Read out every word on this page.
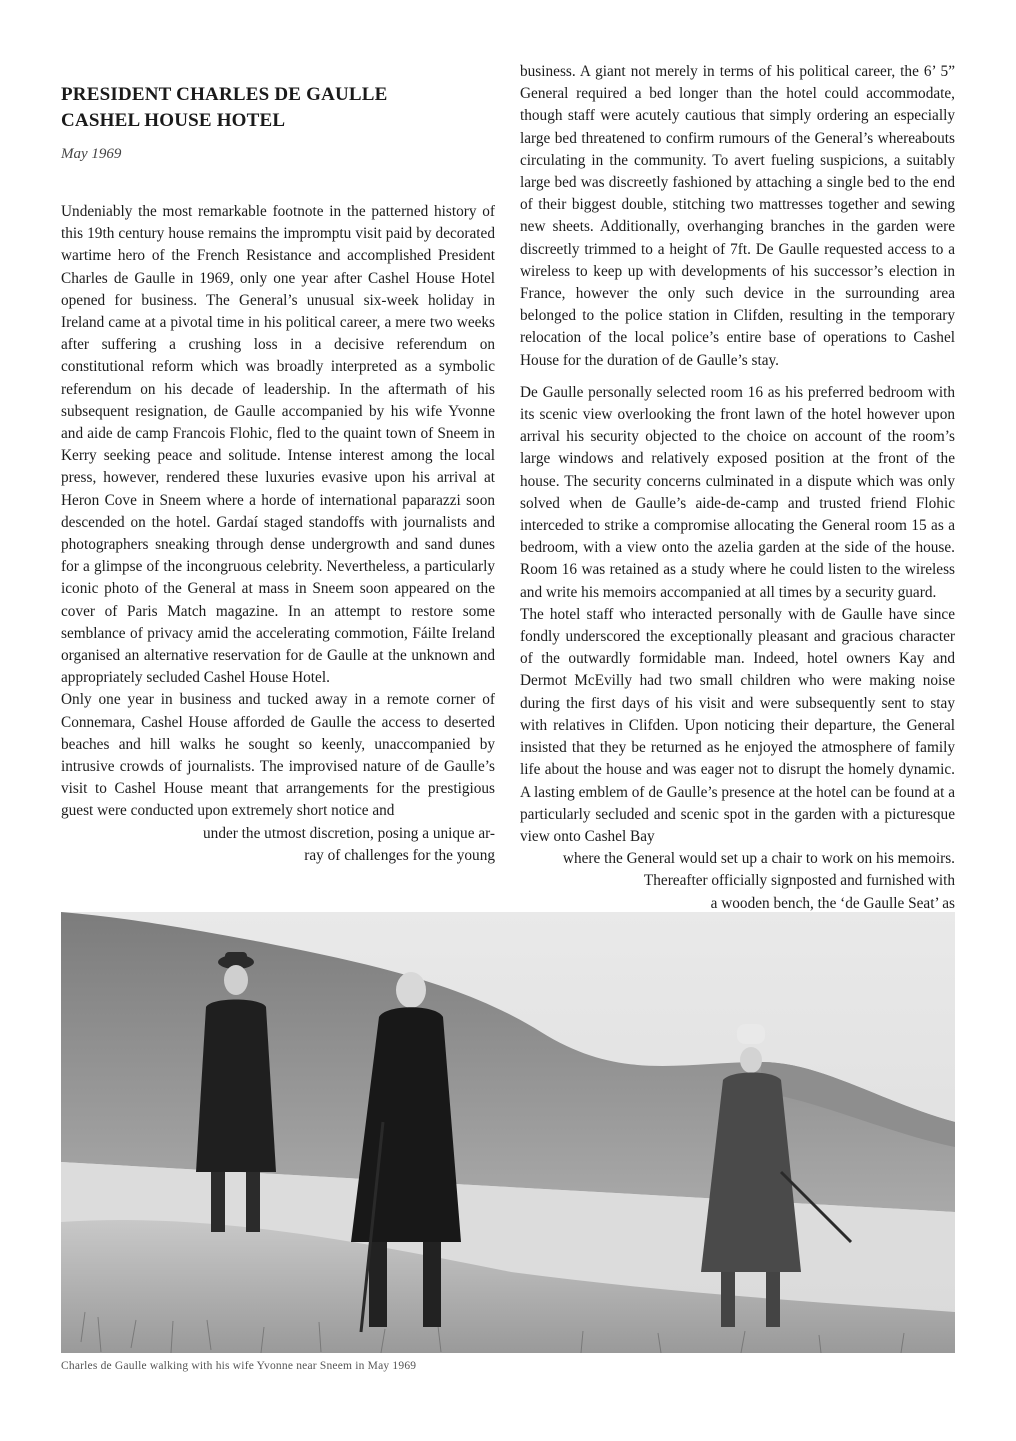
PRESIDENT CHARLES DE GAULLE
CASHEL HOUSE HOTEL
May 1969

Undeniably the most remarkable footnote in the patterned history of this 19th century house remains the impromptu visit paid by decorated wartime hero of the French Resistance and accomplished President Charles de Gaulle in 1969, only one year after Cashel House Hotel opened for business. The General’s unusual six-week holiday in Ireland came at a pivotal time in his political career, a mere two weeks after suffering a crushing loss in a decisive referendum on constitutional reform which was broadly interpreted as a symbolic referendum on his decade of leadership. In the aftermath of his subsequent resignation, de Gaulle accompanied by his wife Yvonne and aide de camp Francois Flohic, fled to the quaint town of Sneem in Kerry seeking peace and solitude. Intense interest among the local press, however, rendered these luxuries evasive upon his arrival at Heron Cove in Sneem where a horde of international paparazzi soon descended on the hotel. Gardaí staged standoffs with journalists and photographers sneaking through dense undergrowth and sand dunes for a glimpse of the incongruous celebrity. Nevertheless, a particularly iconic photo of the General at mass in Sneem soon appeared on the cover of Paris Match magazine. In an attempt to restore some semblance of privacy amid the accelerating commotion, Fáilte Ireland organised an alternative reservation for de Gaulle at the unknown and appropriately secluded Cashel House Hotel.

Only one year in business and tucked away in a remote corner of Connemara, Cashel House afforded de Gaulle the access to deserted beaches and hill walks he sought so keenly, unaccompanied by intrusive crowds of journalists. The improvised nature of de Gaulle’s visit to Cashel House meant that arrangements for the prestigious guest were conducted upon extremely short notice and

under the utmost discretion, posing a unique ar-

ray of challenges for the young

business. A giant not merely in terms of his political career, the 6’ 5” General required a bed longer than the hotel could accommodate, though staff were acutely cautious that simply ordering an especially large bed threatened to confirm rumours of the General’s whereabouts circulating in the community. To avert fueling suspicions, a suitably large bed was discreetly fashioned by attaching a single bed to the end of their biggest double, stitching two mattresses together and sewing new sheets. Additionally, overhanging branches in the garden were discreetly trimmed to a height of 7ft. De Gaulle requested access to a wireless to keep up with developments of his successor’s election in France, however the only such device in the surrounding area belonged to the police station in Clifden, resulting in the temporary relocation of the local police’s entire base of operations to Cashel House for the duration of de Gaulle’s stay.

De Gaulle personally selected room 16 as his preferred bedroom with its scenic view overlooking the front lawn of the hotel however upon arrival his security objected to the choice on account of the room’s large windows and relatively exposed position at the front of the house. The security concerns culminated in a dispute which was only solved when de Gaulle’s aide-de-camp and trusted friend Flohic interceded to strike a compromise allocating the General room 15 as a bedroom, with a view onto the azelia garden at the side of the house. Room 16 was retained as a study where he could listen to the wireless and write his memoirs accompanied at all times by a security guard.

The hotel staff who interacted personally with de Gaulle have since fondly underscored the exceptionally pleasant and gracious character of the outwardly formidable man. Indeed, hotel owners Kay and Dermot McEvilly had two small children who were making noise during the first days of his visit and were subsequently sent to stay with relatives in Clifden. Upon noticing their departure, the General insisted that they be returned as he enjoyed the atmosphere of family life about the house and was eager not to disrupt the homely dynamic. A lasting emblem of de Gaulle’s presence at the hotel can be found at a particularly secluded and scenic spot in the garden with a picturesque view onto Cashel Bay

where the General would set up a chair to work on his memoirs.

Thereafter officially signposted and furnished with

a wooden bench, the ‘de Gaulle Seat’ as

Charles de Gaulle walking with his wife Yvonne near Sneem in May 1969
